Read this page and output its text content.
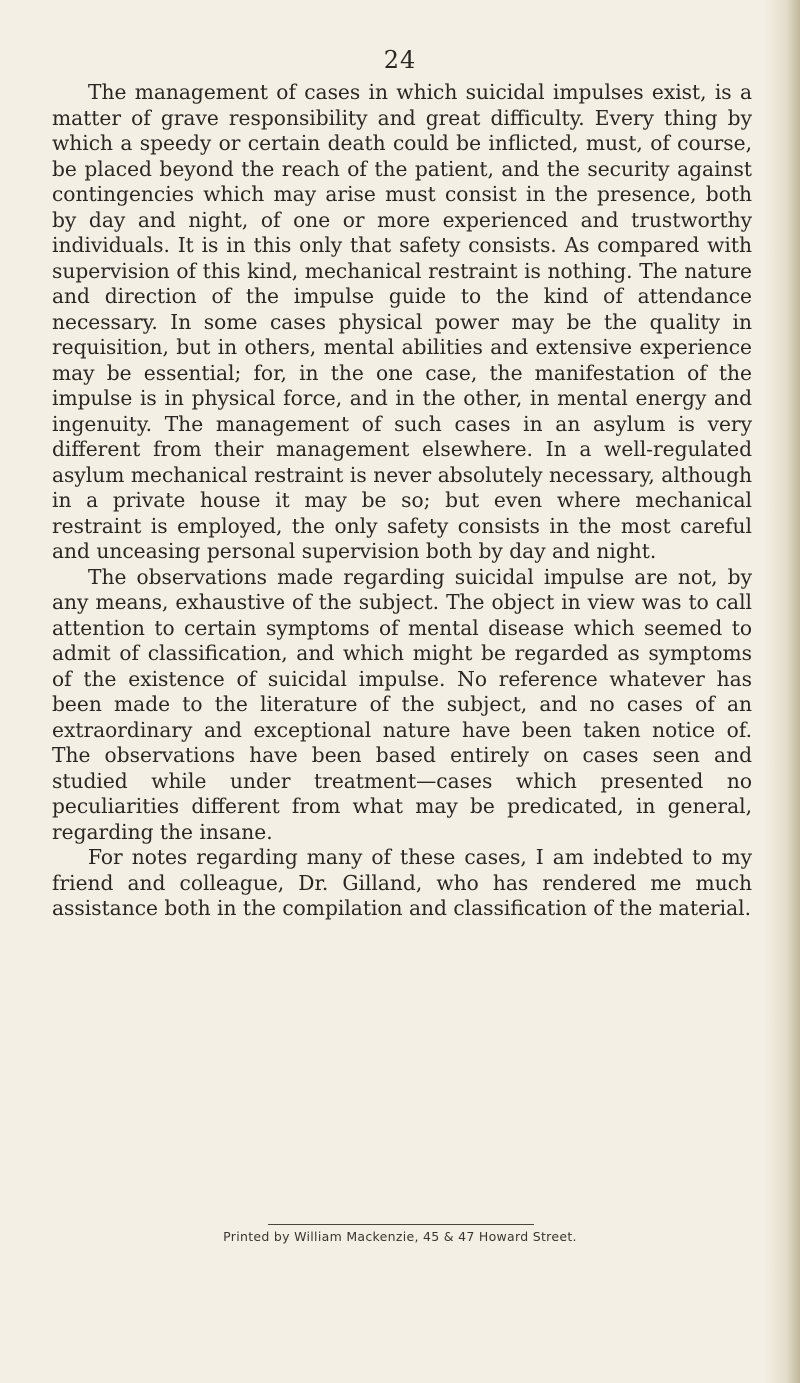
24

The management of cases in which suicidal impulses exist, is a matter of grave responsibility and great difficulty. Every thing by which a speedy or certain death could be inflicted, must, of course, be placed beyond the reach of the patient, and the security against contingencies which may arise must consist in the presence, both by day and night, of one or more experienced and trustworthy individuals. It is in this only that safety consists. As compared with supervision of this kind, mechanical restraint is nothing. The nature and direction of the impulse guide to the kind of attendance necessary. In some cases physical power may be the quality in requisition, but in others, mental abilities and extensive experience may be essential; for, in the one case, the manifestation of the impulse is in physical force, and in the other, in mental energy and ingenuity. The management of such cases in an asylum is very different from their management elsewhere. In a well-regulated asylum mechanical restraint is never absolutely necessary, although in a private house it may be so; but even where mechanical restraint is employed, the only safety consists in the most careful and unceasing personal supervision both by day and night.

The observations made regarding suicidal impulse are not, by any means, exhaustive of the subject. The object in view was to call attention to certain symptoms of mental disease which seemed to admit of classification, and which might be regarded as symptoms of the existence of suicidal impulse. No reference whatever has been made to the literature of the subject, and no cases of an extraordinary and exceptional nature have been taken notice of. The observations have been based entirely on cases seen and studied while under treatment—cases which presented no peculiarities different from what may be predicated, in general, regarding the insane.

For notes regarding many of these cases, I am indebted to my friend and colleague, Dr. Gilland, who has rendered me much assistance both in the compilation and classification of the material.

Printed by William Mackenzie, 45 & 47 Howard Street.
